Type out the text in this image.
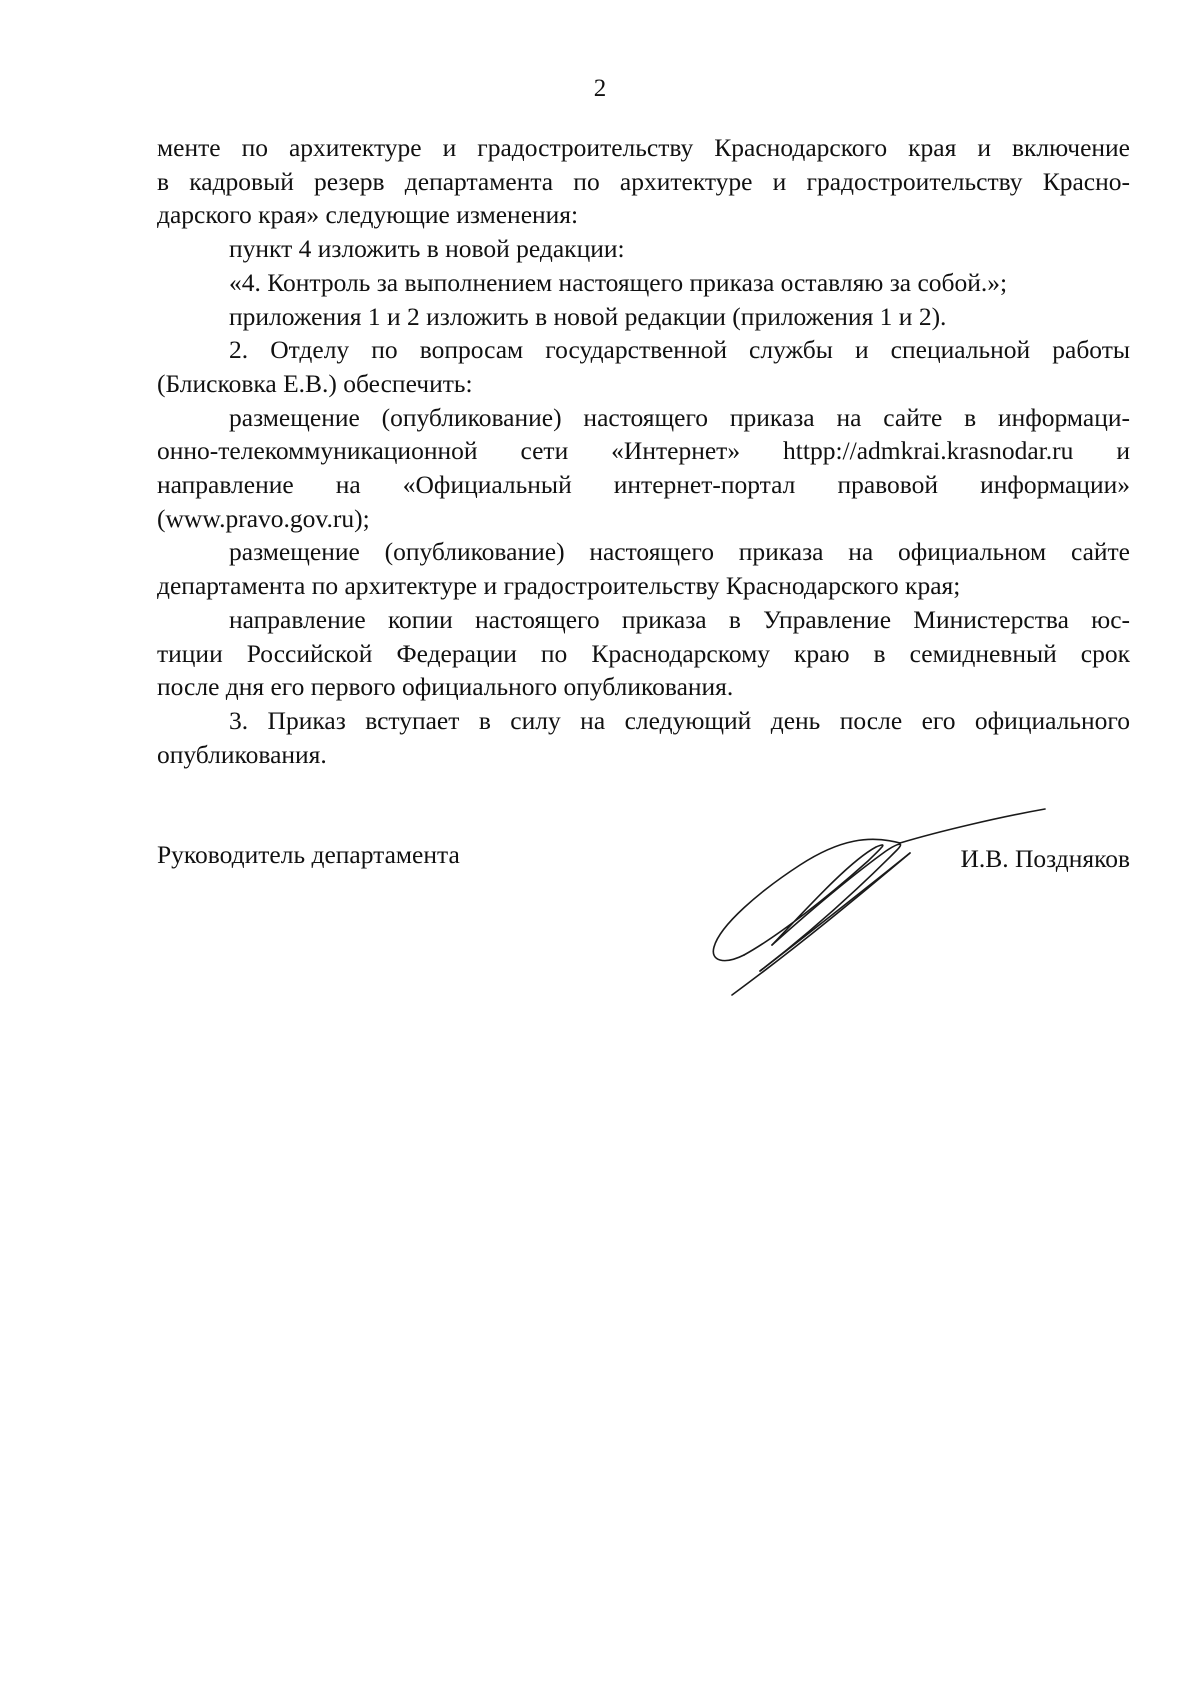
2

менте по архитектуре и градостроительству Краснодарского края и включение
в кадровый резерв департамента по архитектуре и градостроительству Красно-
дарского края» следующие изменения:

пункт 4 изложить в новой редакции:

«4. Контроль за выполнением настоящего приказа оставляю за собой.»;

приложения 1 и 2 изложить в новой редакции (приложения 1 и 2).

2. Отделу по вопросам государственной службы и специальной работы
(Блисковка Е.В.) обеспечить:

размещение (опубликование) настоящего приказа на сайте в информаци-
онно-телекоммуникационной сети «Интернет» httpp://admkrai.krasnodar.ru и
направление на «Официальный интернет-портал правовой информации»
(www.pravo.gov.ru);

размещение (опубликование) настоящего приказа на официальном сайте
департамента по архитектуре и градостроительству Краснодарского края;

направление копии настоящего приказа в Управление Министерства юс-
тиции Российской Федерации по Краснодарскому краю в семидневный срок
после дня его первого официального опубликования.

3. Приказ вступает в силу на следующий день после его официального
опубликования.

Руководитель департамента	И.В. Поздняков
